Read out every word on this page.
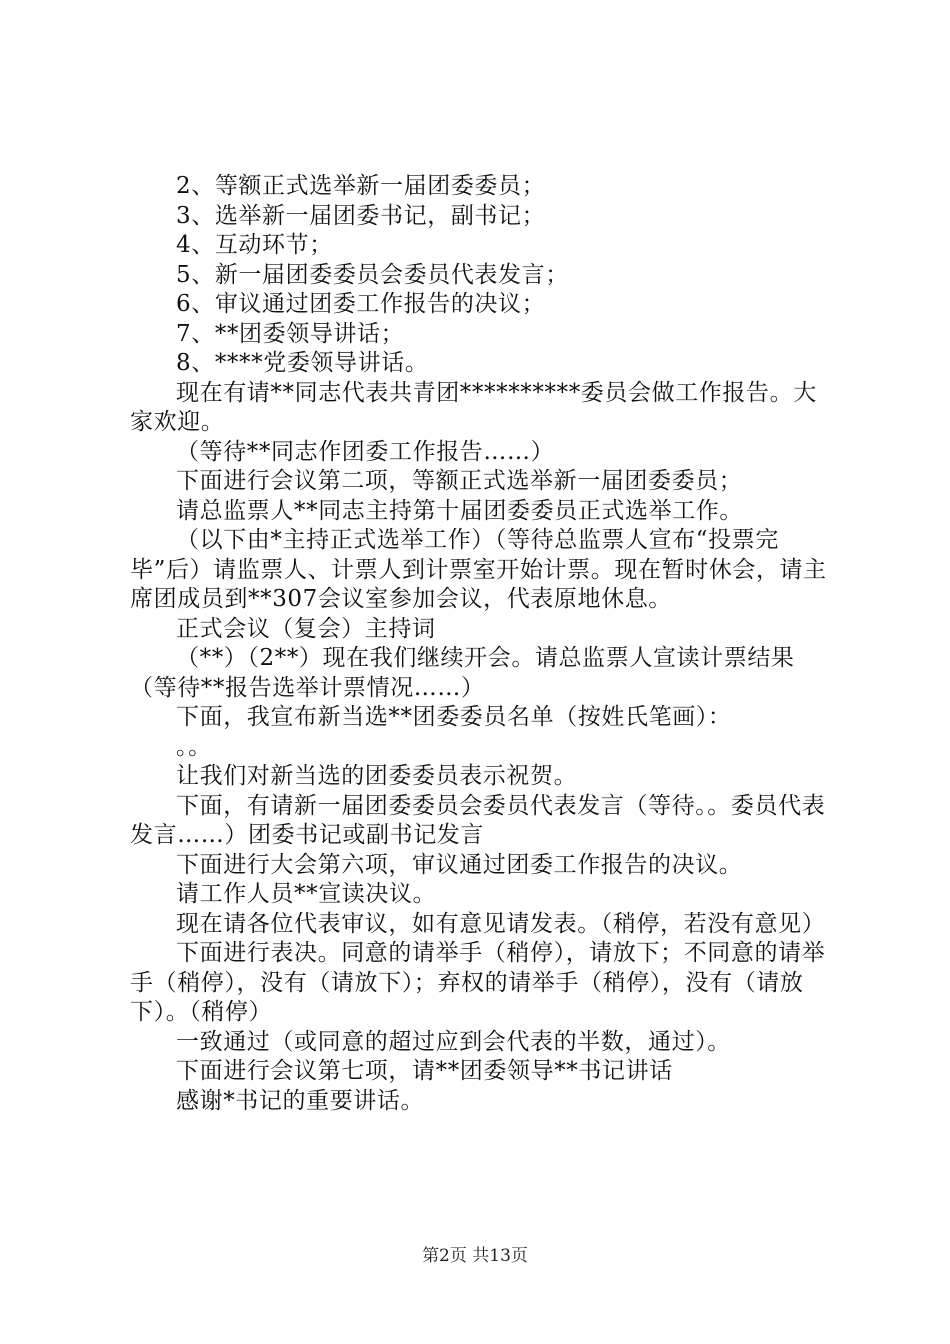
2、等额正式选举新一届团委委员；

3、选举新一届团委书记，副书记；

4、互动环节；

5、新一届团委委员会委员代表发言；

6、审议通过团委工作报告的决议；

7、**团委领导讲话；

8、****党委领导讲话。

现在有请**同志代表共青团**********委员会做工作报告。大家欢迎。

（等待**同志作团委工作报告……）

下面进行会议第二项，等额正式选举新一届团委委员；

请总监票人**同志主持第十届团委委员正式选举工作。

（以下由*主持正式选举工作）（等待总监票人宣布“投票完毕”后）请监票人、计票人到计票室开始计票。现在暂时休会，请主席团成员到**307会议室参加会议，代表原地休息。

正式会议（复会）主持词

（**）（2**）现在我们继续开会。请总监票人宣读计票结果（等待**报告选举计票情况……）

下面，我宣布新当选**团委委员名单（按姓氏笔画）：

。。

让我们对新当选的团委委员表示祝贺。

下面，有请新一届团委委员会委员代表发言（等待。。委员代表发言……）团委书记或副书记发言

下面进行大会第六项，审议通过团委工作报告的决议。

请工作人员**宣读决议。

现在请各位代表审议，如有意见请发表。（稍停，若没有意见）

下面进行表决。同意的请举手（稍停），请放下；不同意的请举手（稍停），没有（请放下）；弃权的请举手（稍停），没有（请放下）。（稍停）

一致通过（或同意的超过应到会代表的半数，通过）。

下面进行会议第七项，请**团委领导**书记讲话

感谢*书记的重要讲话。

第2页 共13页
